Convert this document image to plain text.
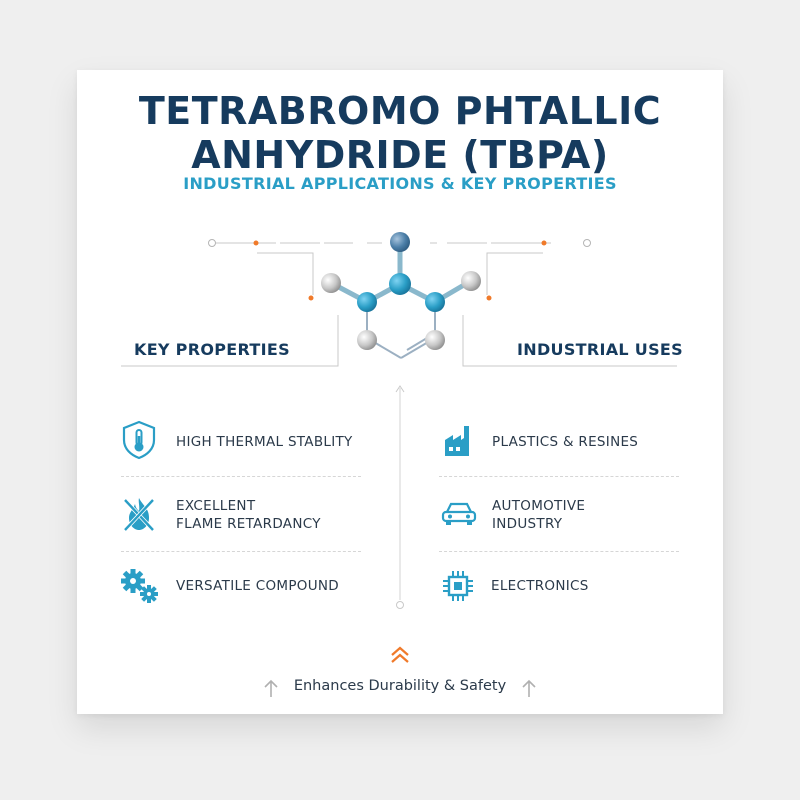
TETRABROMO PHTALLIC
ANHYDRIDE (TBPA)
INDUSTRIAL APPLICATIONS & KEY PROPERTIES
KEY PROPERTIES	INDUSTRIAL USES
HIGH THERMAL STABLITY
EXCELLENT
FLAME RETARDANCY
VERSATILE COMPOUND
PLASTICS & RESINES
AUTOMOTIVE
INDUSTRY
ELECTRONICS
Enhances Durability & Safety
